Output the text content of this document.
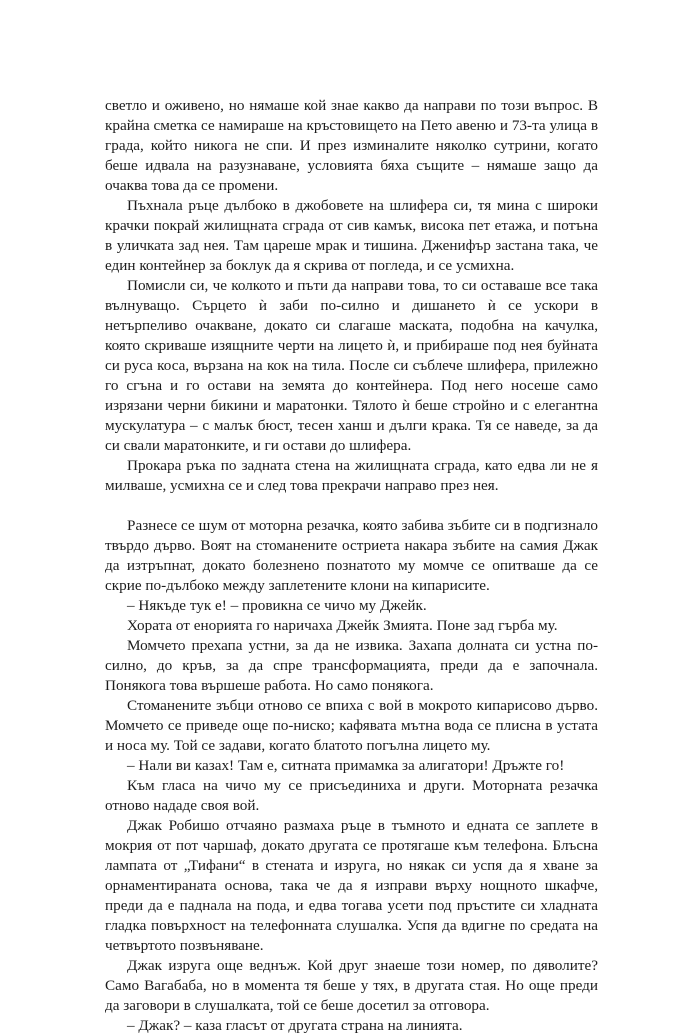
светло и оживено, но нямаше кой знае какво да направи по този въпрос. В крайна сметка се намираше на кръстовището на Пето авеню и 73-та улица в града, който никога не спи. И през изминалите няколко сутрини, когато беше идвала на разузнаване, условията бяха същите – нямаше защо да очаква това да се промени.

Пъхнала ръце дълбоко в джобовете на шлифера си, тя мина с широки крачки покрай жилищната сграда от сив камък, висока пет етажа, и потъна в уличката зад нея. Там цареше мрак и тишина. Дженифър застана така, че един контейнер за боклук да я скрива от погледа, и се усмихна.

Помисли си, че колкото и пъти да направи това, то си оставаше все така вълнуващо. Сърцето ѝ заби по-силно и дишането ѝ се ускори в нетърпеливо очакване, докато си слагаше маската, подобна на качулка, която скриваше изящните черти на лицето ѝ, и прибираше под нея буйната си руса коса, вързана на кок на тила. После си съблече шлифера, прилежно го сгъна и го остави на земята до контейнера. Под него носеше само изрязани черни бикини и маратонки. Тялото ѝ беше стройно и с елегантна мускулатура – с малък бюст, тесен ханш и дълги крака. Тя се наведе, за да си свали маратонките, и ги остави до шлифера.

Прокара ръка по задната стена на жилищната сграда, като едва ли не я милваше, усмихна се и след това прекрачи направо през нея.

Разнесе се шум от моторна резачка, която забива зъбите си в подгизнало твърдо дърво. Воят на стоманените остриета накара зъбите на самия Джак да изтръпнат, докато болезнено познатото му момче се опитваше да се скрие по-дълбоко между заплетените клони на кипарисите.

– Някъде тук е! – провикна се чичо му Джейк.

Хората от енорията го наричаха Джейк Змията. Поне зад гърба му.

Момчето прехапа устни, за да не извика. Захапа долната си устна по-силно, до кръв, за да спре трансформацията, преди да е започнала. Понякога това вършеше работа. Но само понякога.

Стоманените зъбци отново се впиха с вой в мокрото кипарисово дърво. Момчето се приведе още по-ниско; кафявата мътна вода се плисна в устата и носа му. Той се задави, когато блатото погълна лицето му.

– Нали ви казах! Там е, ситната примамка за алигатори! Дръжте го!

Към гласа на чичо му се присъединиха и други. Моторната резачка отново нададе своя вой.

Джак Робишо отчаяно размаха ръце в тъмното и едната се заплете в мокрия от пот чаршаф, докато другата се протягаше към телефона. Блъсна лампата от „Тифани“ в стената и изруга, но някак си успя да я хване за орнаментираната основа, така че да я изправи върху нощното шкафче, преди да е паднала на пода, и едва тогава усети под пръстите си хладната гладка повърхност на телефонната слушалка. Успя да вдигне по средата на четвъртото позвъняване.

Джак изруга още веднъж. Кой друг знаеше този номер, по дяволите? Само Вагабаба, но в момента тя беше у тях, в другата стая. Но още преди да заговори в слушалката, той се беше досетил за отговора.

– Джак? – каза гласът от другата страна на линията.
